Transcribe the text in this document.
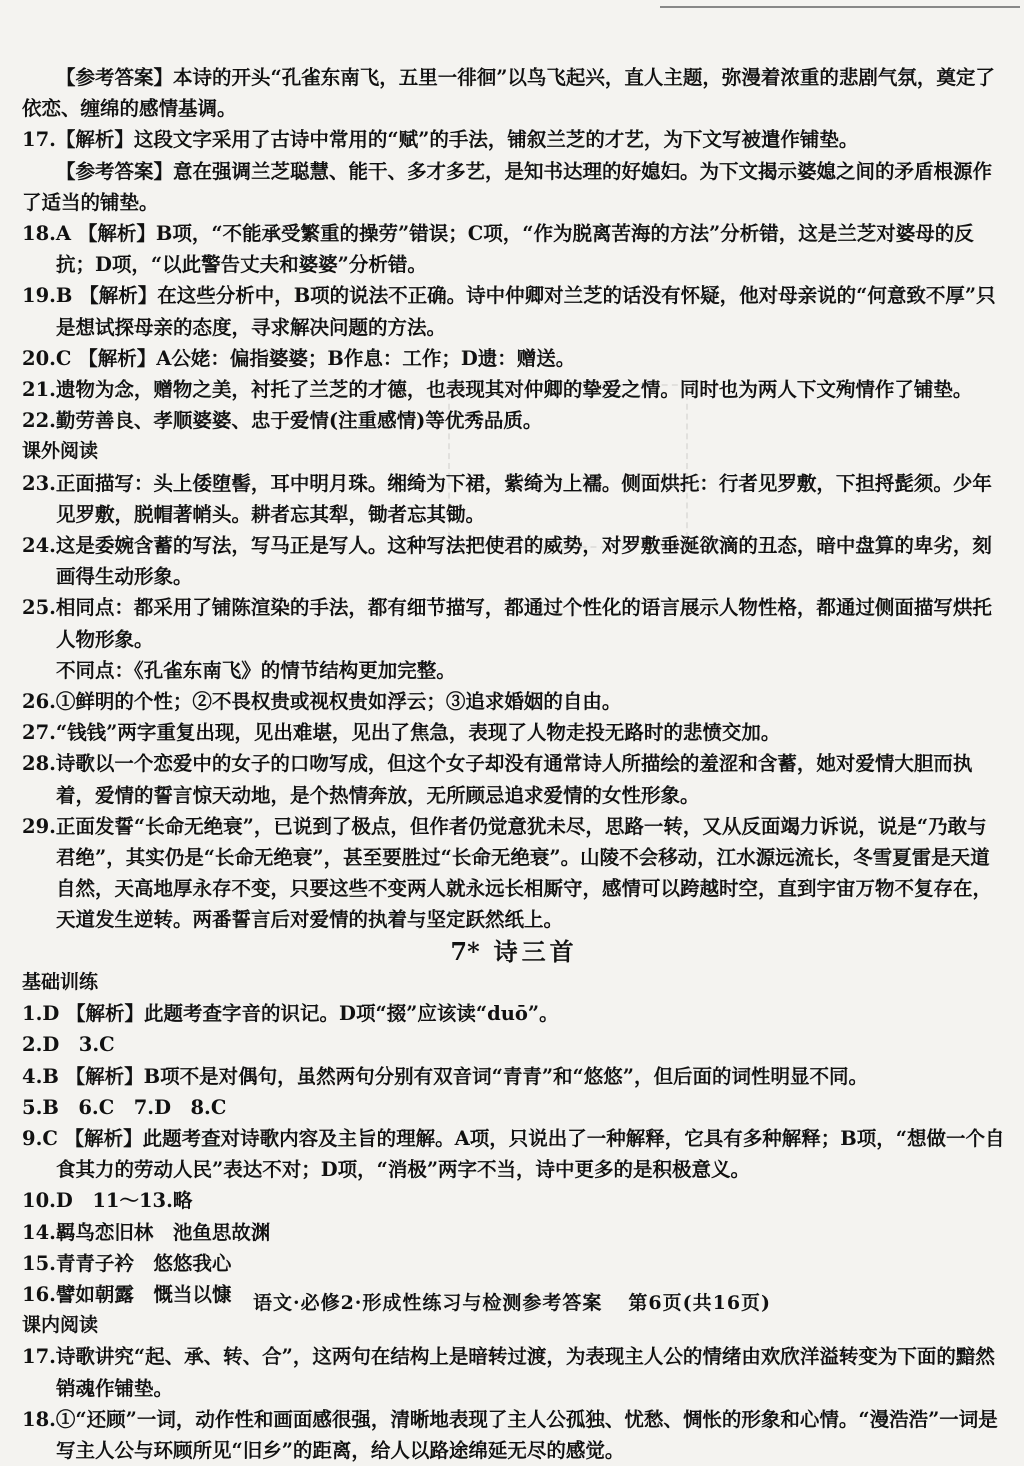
【参考答案】本诗的开头“孔雀东南飞，五里一徘徊”以鸟飞起兴，直人主题，弥漫着浓重的悲剧气氛，奠定了依恋、缠绵的感情基调。

17.【解析】这段文字采用了古诗中常用的“赋”的手法，铺叙兰芝的才艺，为下文写被遣作铺垫。

【参考答案】意在强调兰芝聪慧、能干、多才多艺，是知书达理的好媳妇。为下文揭示婆媳之间的矛盾根源作了适当的铺垫。

18.A 【解析】B项，“不能承受繁重的操劳”错误；C项，“作为脱离苦海的方法”分析错，这是兰芝对婆母的反抗；D项，“以此警告丈夫和婆婆”分析错。

19.B 【解析】在这些分析中，B项的说法不正确。诗中仲卿对兰芝的话没有怀疑，他对母亲说的“何意致不厚”只是想试探母亲的态度，寻求解决问题的方法。

20.C 【解析】A公姥：偏指婆婆；B作息：工作；D遗：赠送。

21.遗物为念，赠物之美，衬托了兰芝的才德，也表现其对仲卿的挚爱之情。同时也为两人下文殉情作了铺垫。

22.勤劳善良、孝顺婆婆、忠于爱情(注重感情)等优秀品质。

课外阅读

23.正面描写：头上倭堕髻，耳中明月珠。缃绮为下裙，紫绮为上襦。侧面烘托：行者见罗敷，下担捋髭须。少年见罗敷，脱帽著帩头。耕者忘其犁，锄者忘其锄。

24.这是委婉含蓄的写法，写马正是写人。这种写法把使君的威势，对罗敷垂涎欲滴的丑态，暗中盘算的卑劣，刻画得生动形象。

25.相同点：都采用了铺陈渲染的手法，都有细节描写，都通过个性化的语言展示人物性格，都通过侧面描写烘托人物形象。

不同点：《孔雀东南飞》的情节结构更加完整。

26.①鲜明的个性；②不畏权贵或视权贵如浮云；③追求婚姻的自由。

27.“钱钱”两字重复出现，见出难堪，见出了焦急，表现了人物走投无路时的悲愤交加。

28.诗歌以一个恋爱中的女子的口吻写成，但这个女子却没有通常诗人所描绘的羞涩和含蓄，她对爱情大胆而执着，爱情的誓言惊天动地，是个热情奔放，无所顾忌追求爱情的女性形象。

29.正面发誓“长命无绝衰”，已说到了极点，但作者仍觉意犹未尽，思路一转，又从反面竭力诉说，说是“乃敢与君绝”，其实仍是“长命无绝衰”，甚至要胜过“长命无绝衰”。山陵不会移动，江水源远流长，冬雪夏雷是天道自然，天高地厚永存不变，只要这些不变两人就永远长相厮守，感情可以跨越时空，直到宇宙万物不复存在，天道发生逆转。两番誓言后对爱情的执着与坚定跃然纸上。

7* 诗三首

基础训练

1.D 【解析】此题考查字音的识记。D项“掇”应该读“duō”。

2.D　3.C

4.B 【解析】B项不是对偶句，虽然两句分别有双音词“青青”和“悠悠”，但后面的词性明显不同。

5.B　6.C　7.D　8.C

9.C 【解析】此题考查对诗歌内容及主旨的理解。A项，只说出了一种解释，它具有多种解释；B项，“想做一个自食其力的劳动人民”表达不对；D项，“消极”两字不当，诗中更多的是积极意义。

10.D　11～13.略

14.羁鸟恋旧林　池鱼思故渊

15.青青子衿　悠悠我心

16.譬如朝露　慨当以慷

课内阅读

17.诗歌讲究“起、承、转、合”，这两句在结构上是暗转过渡，为表现主人公的情绪由欢欣洋溢转变为下面的黯然销魂作铺垫。

18.①“还顾”一词，动作性和画面感很强，清晰地表现了主人公孤独、忧愁、惆怅的形象和心情。“漫浩浩”一词是写主人公与环顾所见“旧乡”的距离，给人以路途绵延无尽的感觉。

语文·必修2·形成性练习与检测参考答案 第6页(共16页)
